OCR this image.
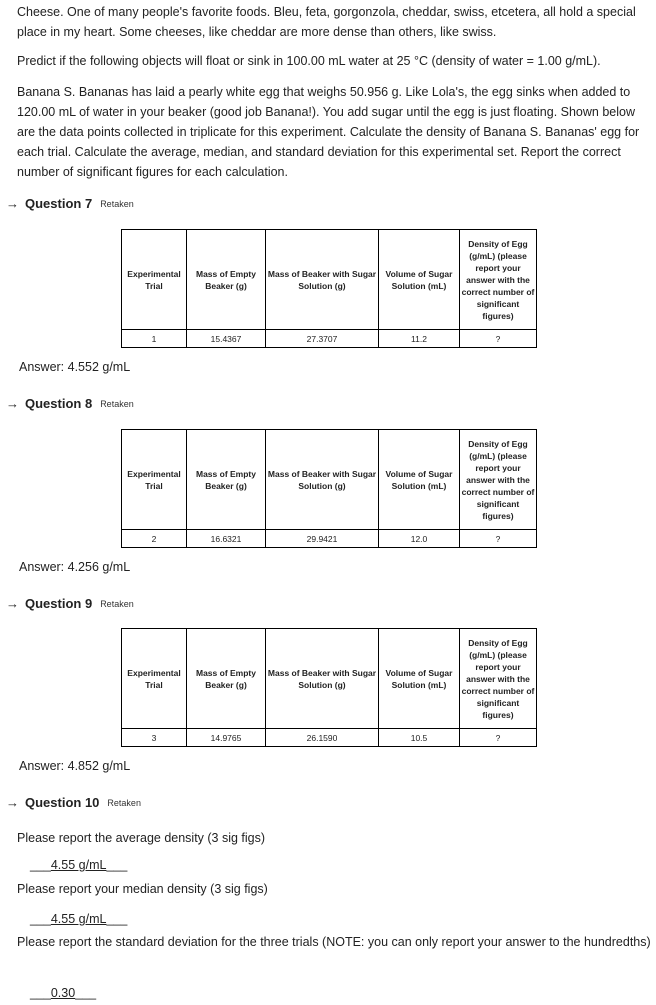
Cheese. One of many people's favorite foods. Bleu, feta, gorgonzola, cheddar, swiss, etcetera, all hold a special place in my heart. Some cheeses, like cheddar are more dense than others, like swiss.
Predict if the following objects will float or sink in 100.00 mL water at 25 °C (density of water = 1.00 g/mL).
Banana S. Bananas has laid a pearly white egg that weighs 50.956 g. Like Lola's, the egg sinks when added to 120.00 mL of water in your beaker (good job Banana!). You add sugar until the egg is just floating. Shown below are the data points collected in triplicate for this experiment. Calculate the density of Banana S. Bananas' egg for each trial. Calculate the average, median, and standard deviation for this experimental set. Report the correct number of significant figures for each calculation.
→ Question 7 Retaken
Experimental Trial	Mass of Empty Beaker (g)	Mass of Beaker with Sugar Solution (g)	Volume of Sugar Solution (mL)	Density of Egg (g/mL) (please report your answer with the correct number of significant figures)
1	15.4367	27.3707	11.2	?
Answer: 4.552 g/mL
→ Question 8 Retaken
Experimental Trial	Mass of Empty Beaker (g)	Mass of Beaker with Sugar Solution (g)	Volume of Sugar Solution (mL)	Density of Egg (g/mL) (please report your answer with the correct number of significant figures)
2	16.6321	29.9421	12.0	?
Answer: 4.256 g/mL
→ Question 9 Retaken
Experimental Trial	Mass of Empty Beaker (g)	Mass of Beaker with Sugar Solution (g)	Volume of Sugar Solution (mL)	Density of Egg (g/mL) (please report your answer with the correct number of significant figures)
3	14.9765	26.1590	10.5	?
Answer: 4.852 g/mL
→ Question 10 Retaken
Please report the average density (3 sig figs)
___4.55 g/mL___
Please report your median density (3 sig figs)
___4.55 g/mL___
Please report the standard deviation for the three trials (NOTE: you can only report your answer to the hundredths)
___0.30___
